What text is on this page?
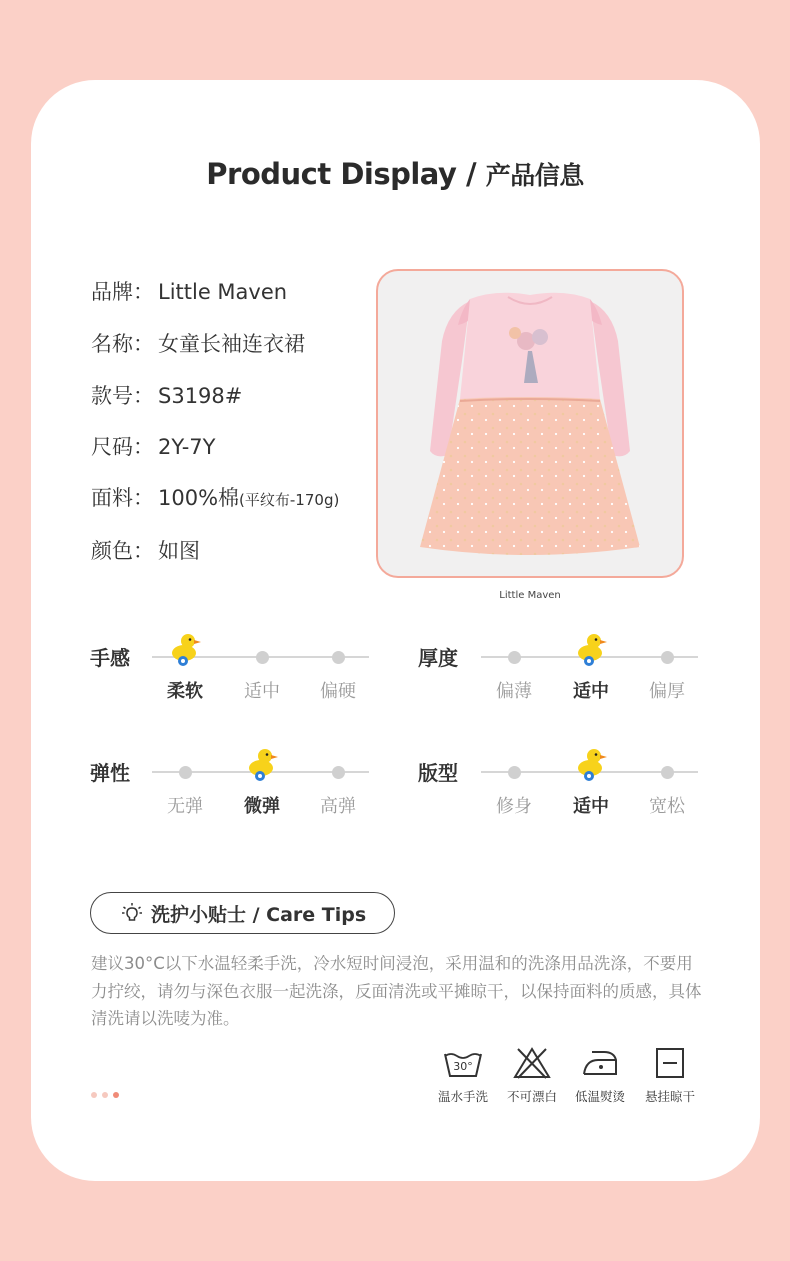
Product Display / 产品信息
品牌： Little Maven
名称： 女童长袖连衣裙
款号： S3198#
尺码： 2Y-7Y
面料： 100%棉(平纹布-170g)
颜色： 如图
Little Maven
手感
柔软	适中	偏硬
厚度
偏薄	适中	偏厚
弹性
无弹	微弹	高弹
版型
修身	适中	宽松
洗护小贴士 / Care Tips

建议30°C以下水温轻柔手洗，冷水短时间浸泡，采用温和的洗涤用品洗涤，不要用力拧绞，请勿与深色衣服一起洗涤，反面清洗或平摊晾干，以保持面料的质感，具体清洗请以洗唛为准。

30°
温水手洗	不可漂白	低温熨烫	悬挂晾干
